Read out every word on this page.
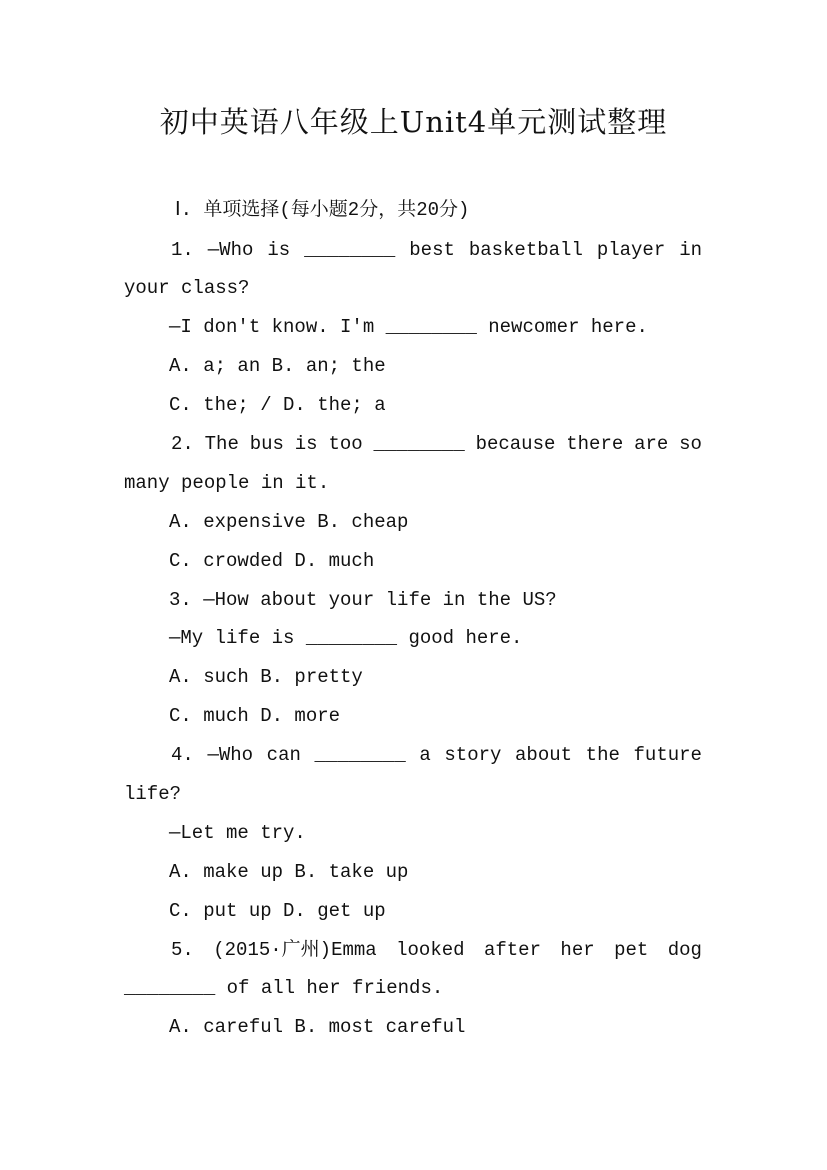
初中英语八年级上Unit4单元测试整理
Ⅰ. 单项选择(每小题2分，共20分)
1. —Who is ________ best basketball player in
your class?
—I don't know. I'm ________ newcomer here.
A. a; an B. an; the
C. the; / D. the; a
2. The bus is too ________ because there are so
many people in it.
A. expensive B. cheap
C. crowded D. much
3. —How about your life in the US?
—My life is ________ good here.
A. such B. pretty
C. much D. more
4. —Who can ________ a story about the future
life?
—Let me try.
A. make up B. take up
C. put up D. get up
5. (2015·广州)Emma looked after her pet dog
________ of all her friends.
A. careful B. most careful
